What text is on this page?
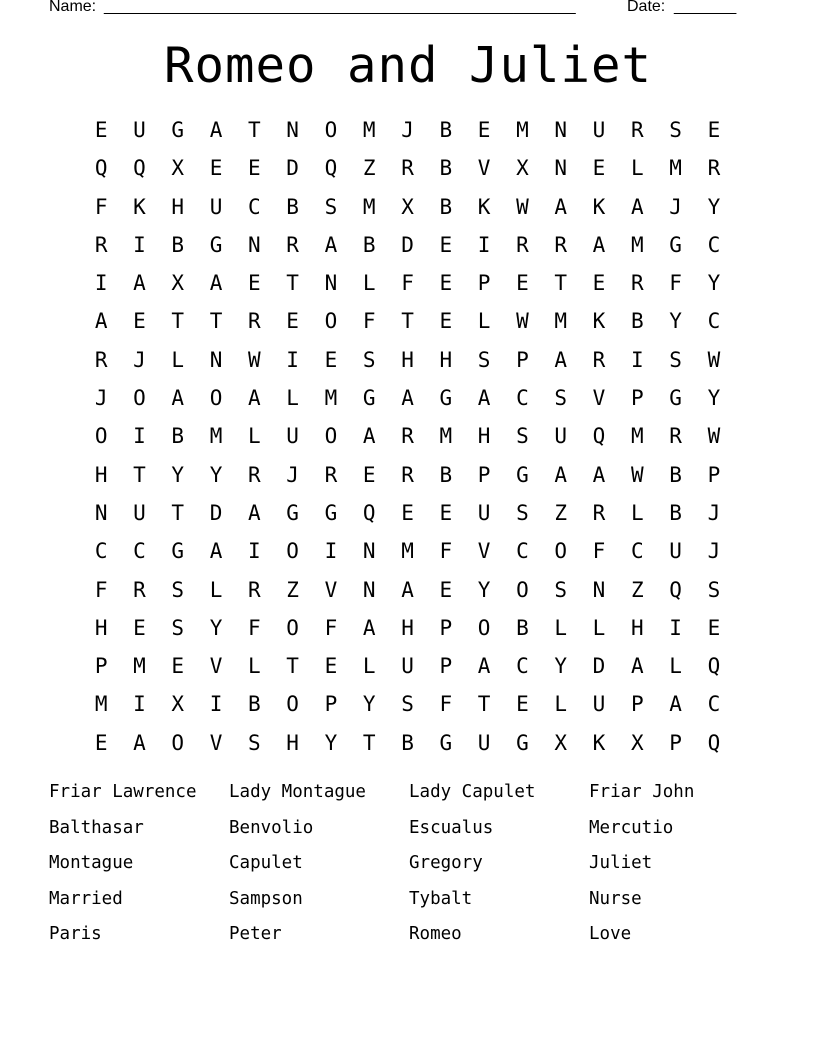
Name: _____________________________________________________	Date: _______
Romeo and Juliet
E	U	G	A	T	N	O	M	J	B	E	M	N	U	R	S	E
Q	Q	X	E	E	D	Q	Z	R	B	V	X	N	E	L	M	R
F	K	H	U	C	B	S	M	X	B	K	W	A	K	A	J	Y
R	I	B	G	N	R	A	B	D	E	I	R	R	A	M	G	C
I	A	X	A	E	T	N	L	F	E	P	E	T	E	R	F	Y
A	E	T	T	R	E	O	F	T	E	L	W	M	K	B	Y	C
R	J	L	N	W	I	E	S	H	H	S	P	A	R	I	S	W
J	O	A	O	A	L	M	G	A	G	A	C	S	V	P	G	Y
O	I	B	M	L	U	O	A	R	M	H	S	U	Q	M	R	W
H	T	Y	Y	R	J	R	E	R	B	P	G	A	A	W	B	P
N	U	T	D	A	G	G	Q	E	E	U	S	Z	R	L	B	J
C	C	G	A	I	O	I	N	M	F	V	C	O	F	C	U	J
F	R	S	L	R	Z	V	N	A	E	Y	O	S	N	Z	Q	S
H	E	S	Y	F	O	F	A	H	P	O	B	L	L	H	I	E
P	M	E	V	L	T	E	L	U	P	A	C	Y	D	A	L	Q
M	I	X	I	B	O	P	Y	S	F	T	E	L	U	P	A	C
E	A	O	V	S	H	Y	T	B	G	U	G	X	K	X	P	Q
Friar Lawrence	Lady Montague	Lady Capulet	Friar John
Balthasar	Benvolio	Escualus	Mercutio
Montague	Capulet	Gregory	Juliet
Married	Sampson	Tybalt	Nurse
Paris	Peter	Romeo	Love
